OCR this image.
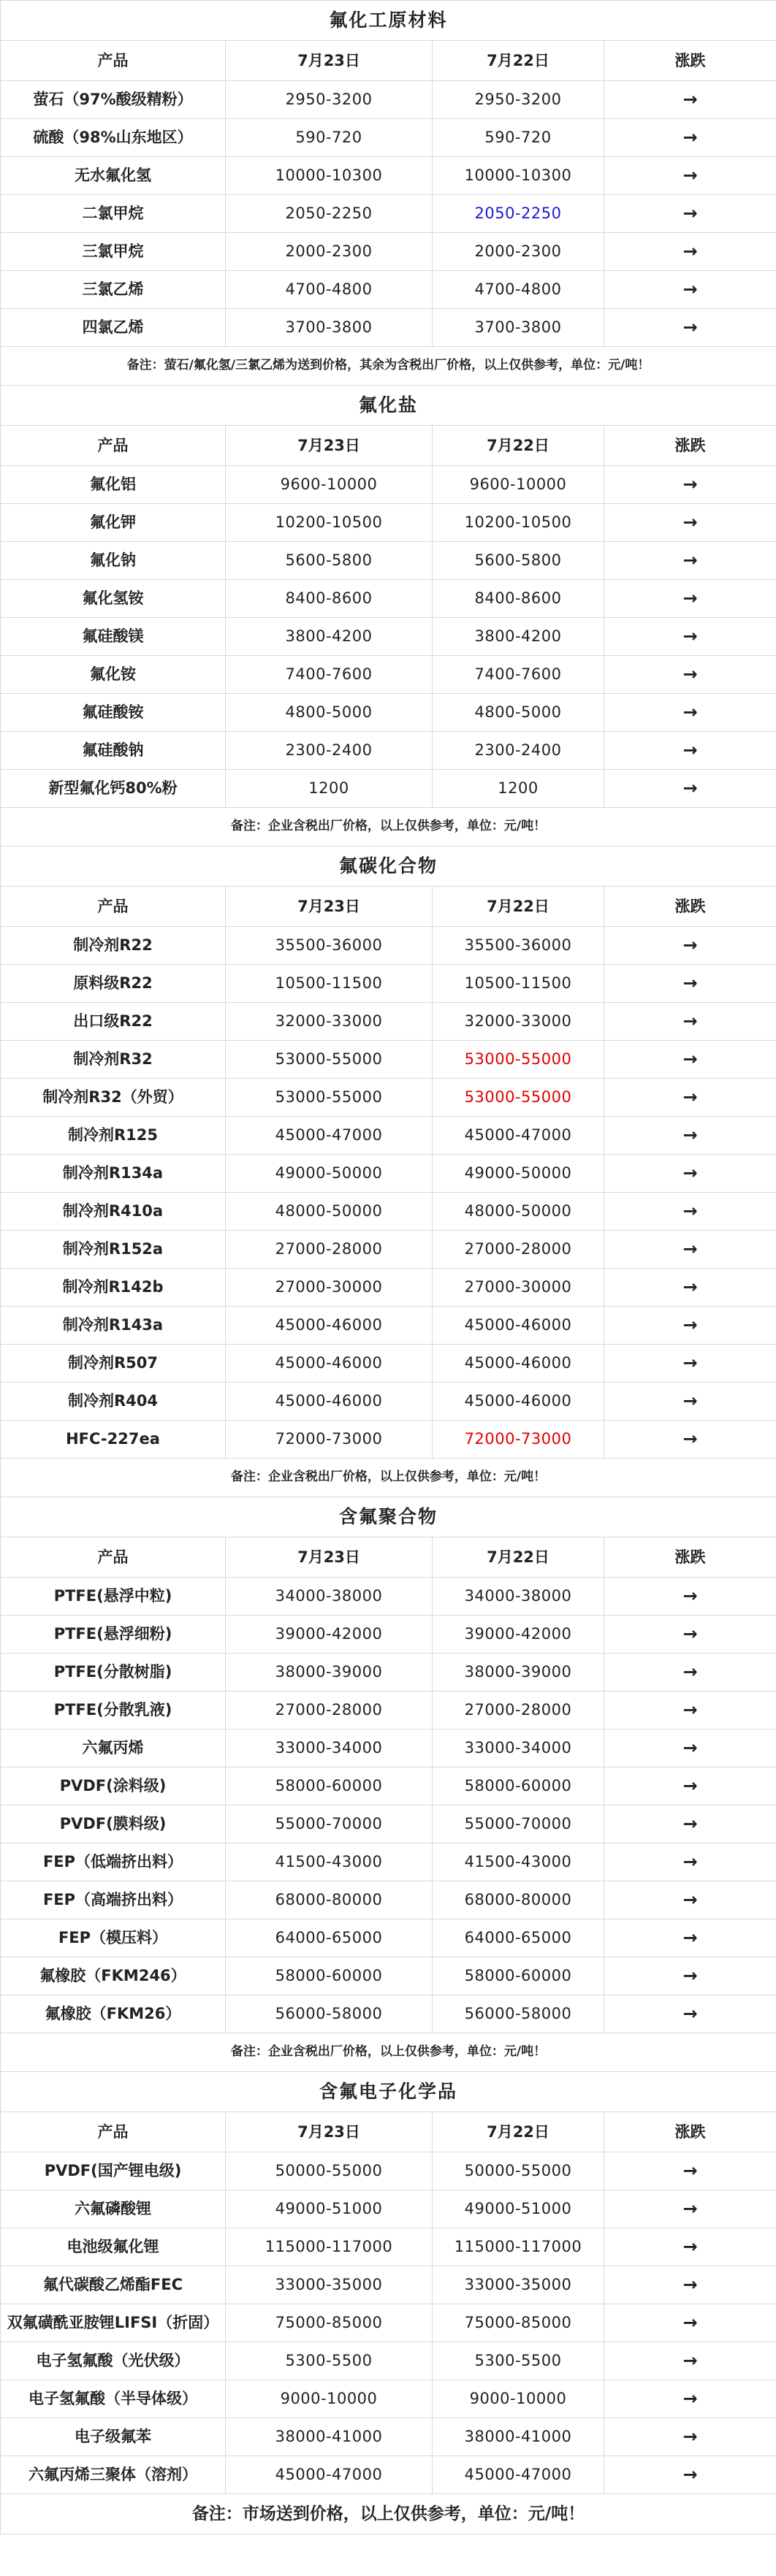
氟化工原材料			
产品	7月23日	7月22日	涨跌
萤石（97%酸级精粉）	2950-3200	2950-3200	→
硫酸（98%山东地区）	590-720	590-720	→
无水氟化氢	10000-10300	10000-10300	→
二氯甲烷	2050-2250	2050-2250	→
三氯甲烷	2000-2300	2000-2300	→
三氯乙烯	4700-4800	4700-4800	→
四氯乙烯	3700-3800	3700-3800	→
备注：萤石/氟化氢/三氯乙烯为送到价格，其余为含税出厂价格，以上仅供参考，单位：元/吨！			
氟化盐			
产品	7月23日	7月22日	涨跌
氟化铝	9600-10000	9600-10000	→
氟化钾	10200-10500	10200-10500	→
氟化钠	5600-5800	5600-5800	→
氟化氢铵	8400-8600	8400-8600	→
氟硅酸镁	3800-4200	3800-4200	→
氟化铵	7400-7600	7400-7600	→
氟硅酸铵	4800-5000	4800-5000	→
氟硅酸钠	2300-2400	2300-2400	→
新型氟化钙80%粉	1200	1200	→
备注：企业含税出厂价格，以上仅供参考，单位：元/吨！			
氟碳化合物			
产品	7月23日	7月22日	涨跌
制冷剂R22	35500-36000	35500-36000	→
原料级R22	10500-11500	10500-11500	→
出口级R22	32000-33000	32000-33000	→
制冷剂R32	53000-55000	53000-55000	→
制冷剂R32（外贸）	53000-55000	53000-55000	→
制冷剂R125	45000-47000	45000-47000	→
制冷剂R134a	49000-50000	49000-50000	→
制冷剂R410a	48000-50000	48000-50000	→
制冷剂R152a	27000-28000	27000-28000	→
制冷剂R142b	27000-30000	27000-30000	→
制冷剂R143a	45000-46000	45000-46000	→
制冷剂R507	45000-46000	45000-46000	→
制冷剂R404	45000-46000	45000-46000	→
HFC-227ea	72000-73000	72000-73000	→
备注：企业含税出厂价格，以上仅供参考，单位：元/吨！			
含氟聚合物			
产品	7月23日	7月22日	涨跌
PTFE(悬浮中粒)	34000-38000	34000-38000	→
PTFE(悬浮细粉)	39000-42000	39000-42000	→
PTFE(分散树脂)	38000-39000	38000-39000	→
PTFE(分散乳液)	27000-28000	27000-28000	→
六氟丙烯	33000-34000	33000-34000	→
PVDF(涂料级)	58000-60000	58000-60000	→
PVDF(膜料级)	55000-70000	55000-70000	→
FEP（低端挤出料）	41500-43000	41500-43000	→
FEP（高端挤出料）	68000-80000	68000-80000	→
FEP（模压料）	64000-65000	64000-65000	→
氟橡胶（FKM246）	58000-60000	58000-60000	→
氟橡胶（FKM26）	56000-58000	56000-58000	→
备注：企业含税出厂价格，以上仅供参考，单位：元/吨！			
含氟电子化学品			
产品	7月23日	7月22日	涨跌
PVDF(国产锂电级)	50000-55000	50000-55000	→
六氟磷酸锂	49000-51000	49000-51000	→
电池级氟化锂	115000-117000	115000-117000	→
氟代碳酸乙烯酯FEC	33000-35000	33000-35000	→
双氟磺酰亚胺锂LIFSI（折固）	75000-85000	75000-85000	→
电子氢氟酸（光伏级）	5300-5500	5300-5500	→
电子氢氟酸（半导体级）	9000-10000	9000-10000	→
电子级氟苯	38000-41000	38000-41000	→
六氟丙烯三聚体（溶剂）	45000-47000	45000-47000	→
备注：市场送到价格，以上仅供参考，单位：元/吨！			
